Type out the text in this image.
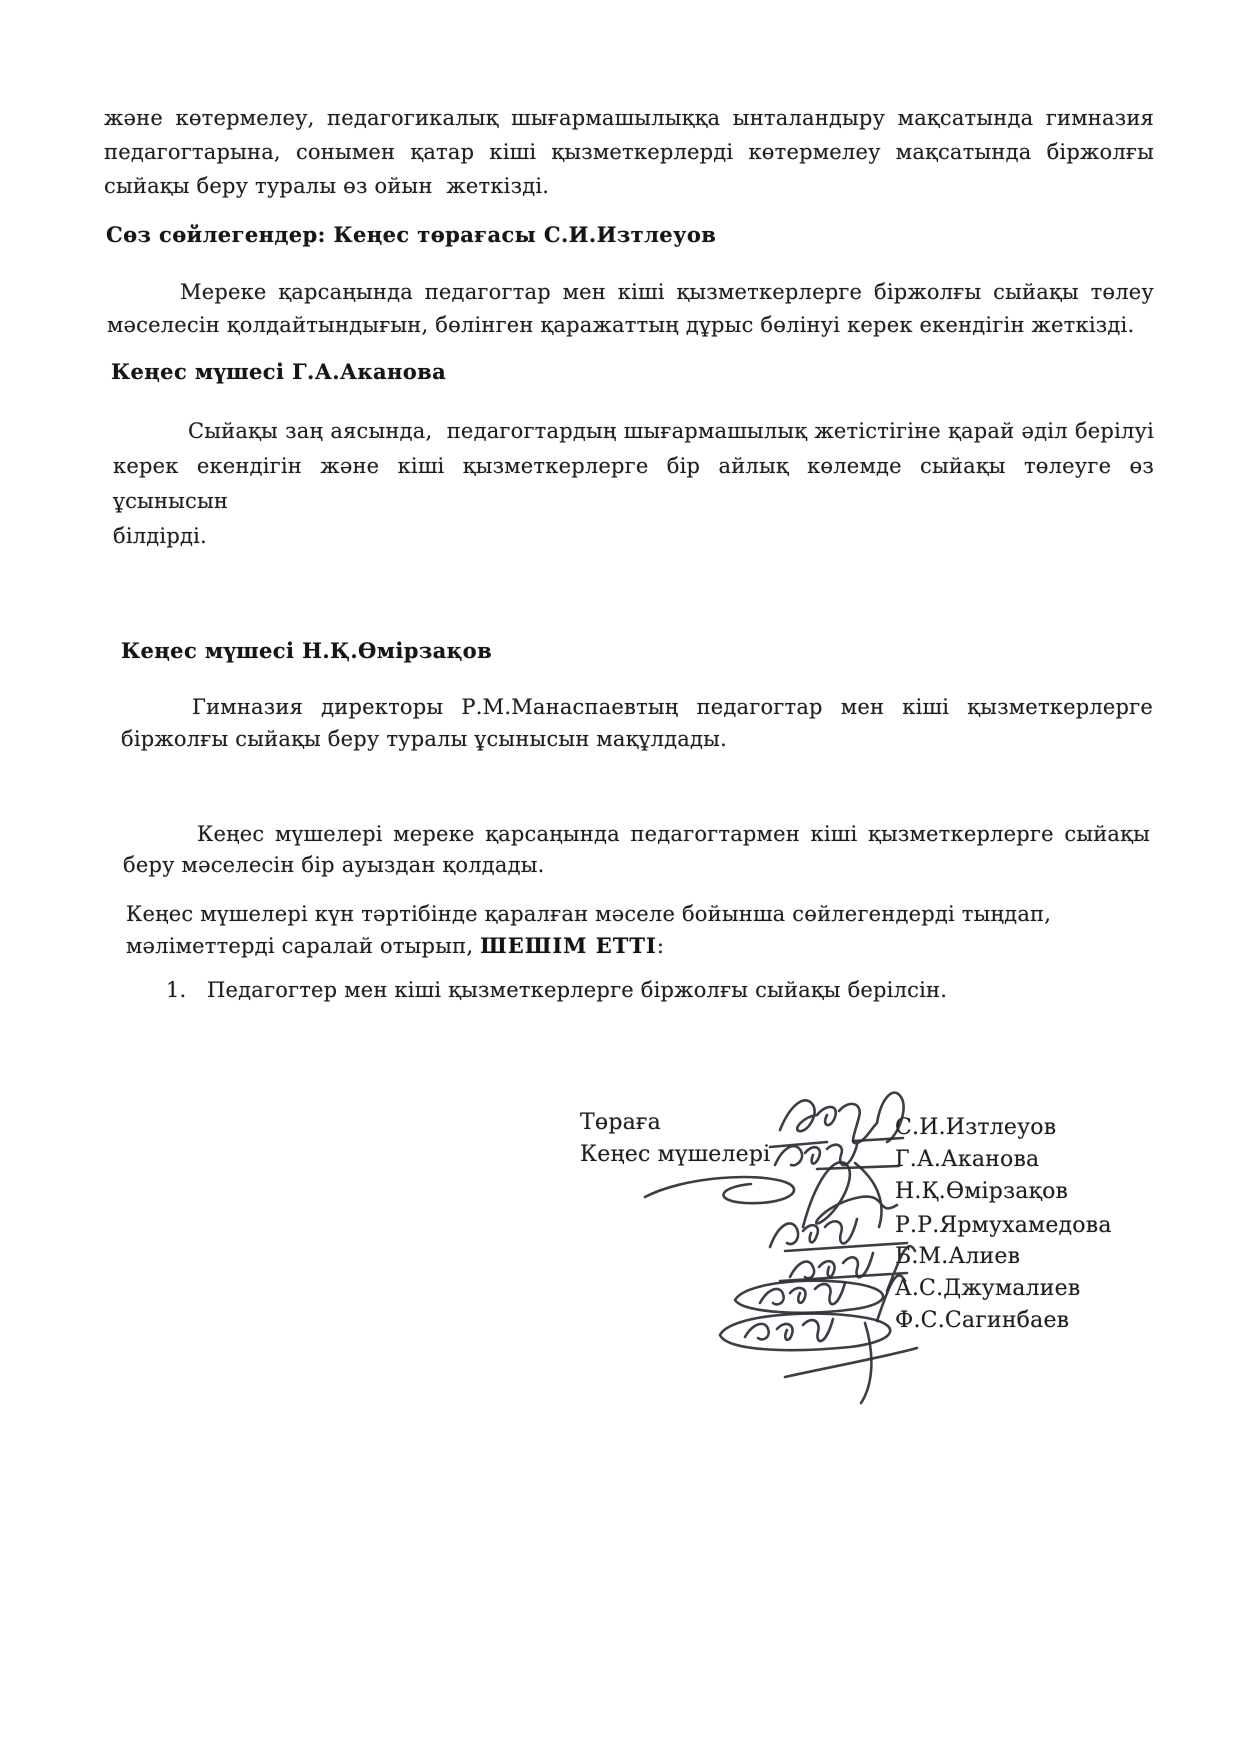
және көтермелеу, педагогикалық шығармашылыққа ынталандыру мақсатында гимназия
педагогтарына, сонымен қатар кіші қызметкерлерді көтермелеу мақсатында біржолғы
сыйақы беру туралы өз ойын  жеткізді.
Сөз сөйлегендер: Кеңес төрағасы С.И.Изтлеуов
Мереке қарсаңында педагогтар мен кіші қызметкерлерге біржолғы сыйақы төлеу
мәселесін қолдайтындығын, бөлінген қаражаттың дұрыс бөлінуі керек екендігін жеткізді.
Кеңес мүшесі Г.А.Аканова
Сыйақы заң аясында,  педагогтардың шығармашылық жетістігіне қарай әділ берілуі
керек екендігін және кіші қызметкерлерге бір айлық көлемде сыйақы төлеуге өз ұсынысын
білдірді.
Кеңес мүшесі Н.Қ.Өмірзақов
Гимназия директоры Р.М.Манаспаевтың педагогтар мен кіші қызметкерлерге
біржолғы сыйақы беру туралы ұсынысын мақұлдады.
Кеңес мүшелері мереке қарсаңында педагогтармен кіші қызметкерлерге сыйақы
беру мәселесін бір ауыздан қолдады.
Кеңес мүшелері күн тәртібінде қаралған мәселе бойынша сөйлегендерді тыңдап,
мәліметтерді саралай отырып, ШЕШІМ ЕТТІ:
1. Педагогтер мен кіші қызметкерлерге біржолғы сыйақы берілсін.
Төраға
Кеңес мүшелері
С.И.Изтлеуов
Г.А.Аканова
Н.Қ.Өмірзақов
Р.Р.Ярмухамедова
Б.М.Алиев
А.С.Джумалиев
Ф.С.Сагинбаев
